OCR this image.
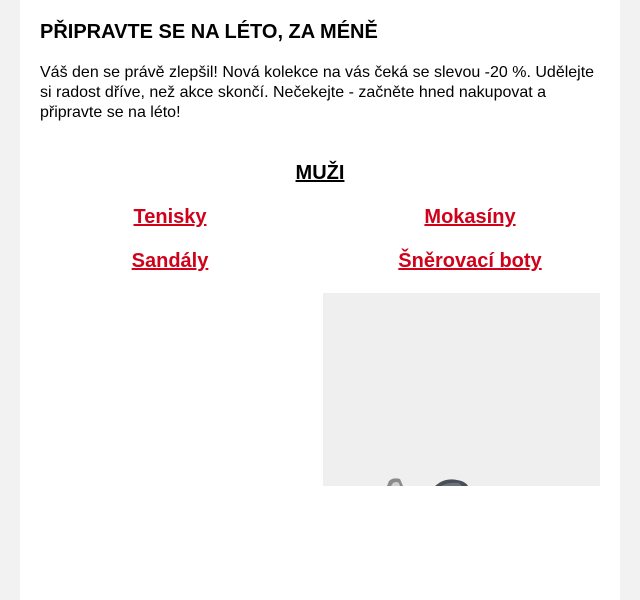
PŘIPRAVTE SE NA LÉTO, ZA MÉNĚ

Váš den se právě zlepšil! Nová kolekce na vás čeká se slevou -20 %. Udělejte si radost dříve, než akce skončí. Nečekejte - začněte hned nakupovat a připravte se na léto!

MUŽI
Tenisky	Mokasíny
Sandály	Šněrovací boty
